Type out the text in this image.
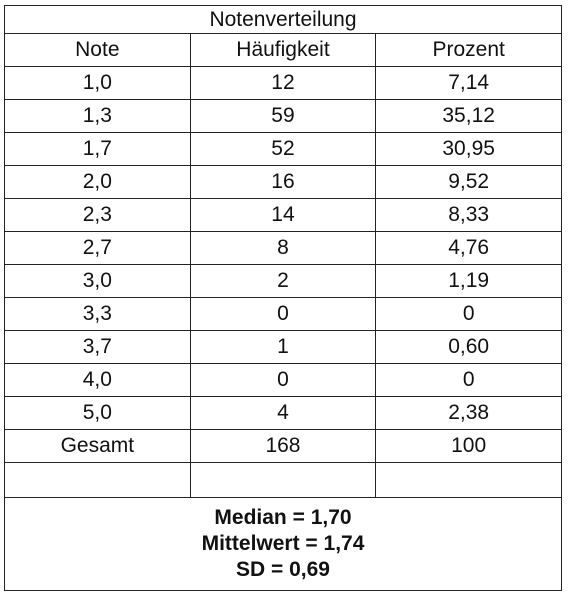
Notenverteilung		
Note	Häufigkeit	Prozent
1,0	12	7,14
1,3	59	35,12
1,7	52	30,95
2,0	16	9,52
2,3	14	8,33
2,7	8	4,76
3,0	2	1,19
3,3	0	0
3,7	1	0,60
4,0	0	0
5,0	4	2,38
Gesamt	168	100

Median = 1,70
Mittelwert = 1,74
SD = 0,69		
